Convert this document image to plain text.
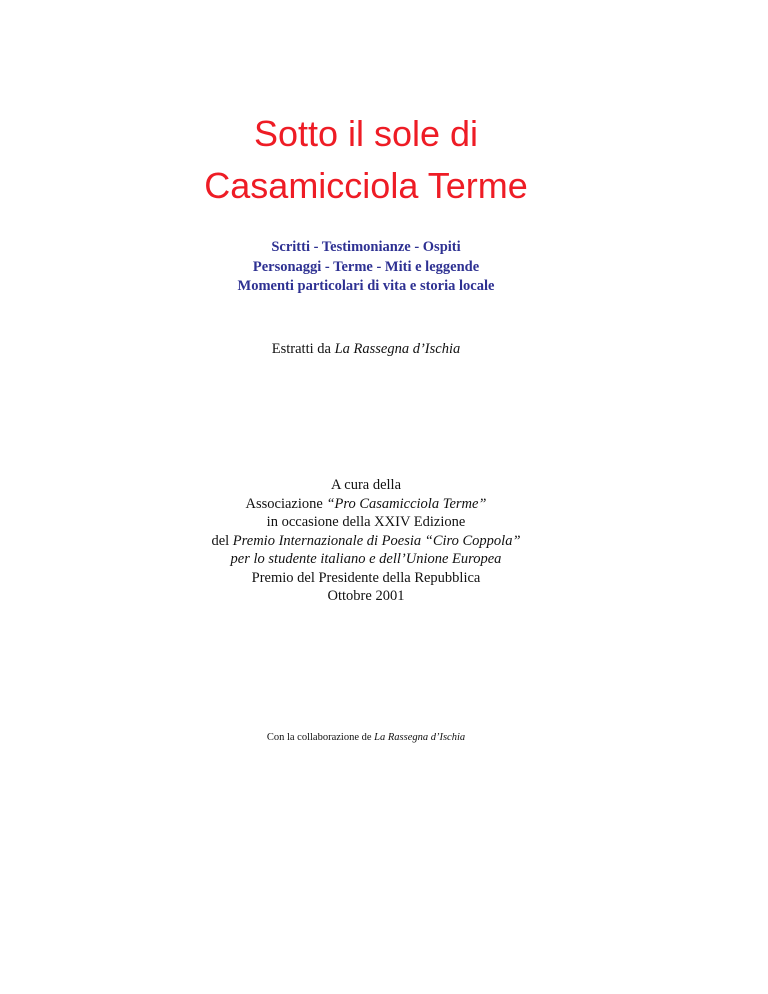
Sotto il sole di
Casamicciola Terme
Scritti - Testimonianze - Ospiti
Personaggi - Terme - Miti e leggende
Momenti particolari di vita e storia locale
Estratti da La Rassegna d’Ischia
A cura della
Associazione “Pro Casamicciola Terme”
in occasione della XXIV Edizione
del Premio Internazionale di Poesia “Ciro Coppola”
per lo studente italiano e dell’Unione Europea
Premio del Presidente della Repubblica
Ottobre 2001
Con la collaborazione de La Rassegna d’Ischia
